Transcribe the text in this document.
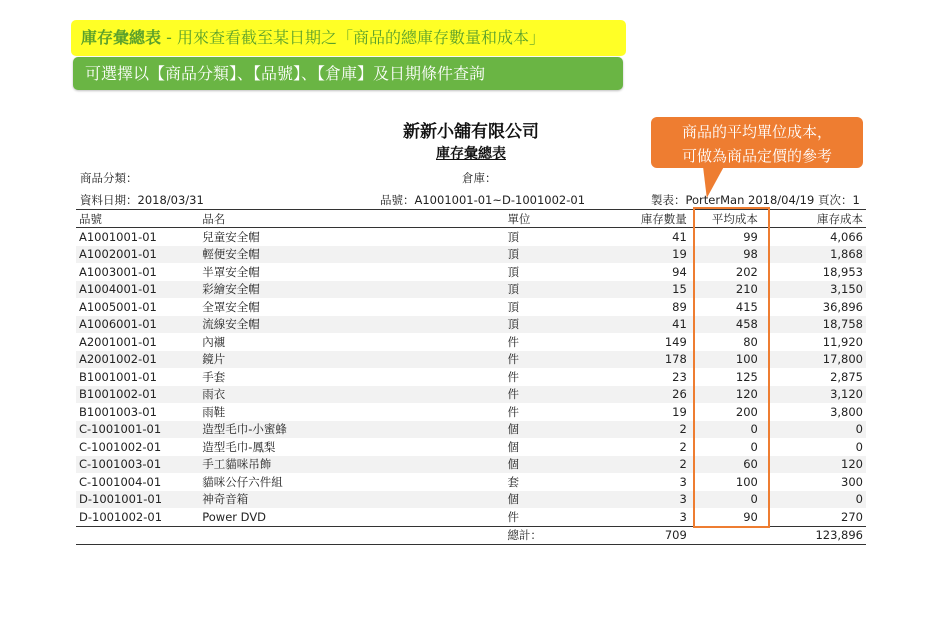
庫存彙總表 - 用來查看截至某日期之「商品的總庫存數量和成本」
可選擇以【商品分類】、【品號】、【倉庫】及日期條件查詢
新新小舖有限公司
庫存彙總表
商品分類：	倉庫：
資料日期：2018/03/31	品號：A1001001-01~D-1001002-01	製表：PorterMan 2018/04/19 頁次：1
品號	品名	單位	庫存數量	平均成本	庫存成本
A1001001-01	兒童安全帽	頂	41	99	4,066
A1002001-01	輕便安全帽	頂	19	98	1,868
A1003001-01	半罩安全帽	頂	94	202	18,953
A1004001-01	彩繪安全帽	頂	15	210	3,150
A1005001-01	全罩安全帽	頂	89	415	36,896
A1006001-01	流線安全帽	頂	41	458	18,758
A2001001-01	內襯	件	149	80	11,920
A2001002-01	鏡片	件	178	100	17,800
B1001001-01	手套	件	23	125	2,875
B1001002-01	雨衣	件	26	120	3,120
B1001003-01	雨鞋	件	19	200	3,800
C-1001001-01	造型毛巾-小蜜蜂	個	2	0	0
C-1001002-01	造型毛巾-鳳梨	個	2	0	0
C-1001003-01	手工貓咪吊飾	個	2	60	120
C-1001004-01	貓咪公仔六件組	套	3	100	300
D-1001001-01	神奇音箱	個	3	0	0
D-1001002-01	Power DVD	件	3	90	270
		總計：	709		123,896
商品的平均單位成本，
可做為商品定價的參考
